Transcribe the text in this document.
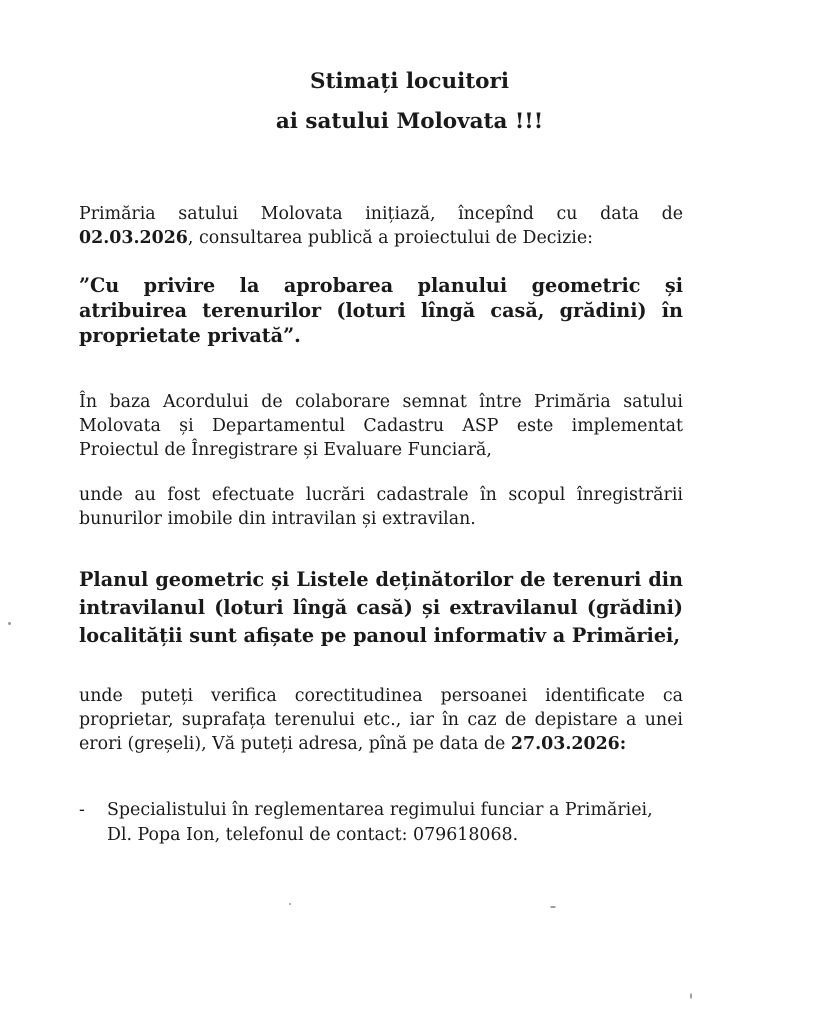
Stimați locuitori
ai satului Molovata !!!
Primăria satului Molovata inițiază, începînd cu data de 02.03.2026, consultarea publică a proiectului de Decizie:
”Cu privire la aprobarea planului geometric și atribuirea terenurilor (loturi lîngă casă, grădini) în proprietate privată”.
În baza Acordului de colaborare semnat între Primăria satului Molovata și Departamentul Cadastru ASP este implementat Proiectul de Înregistrare și Evaluare Funciară,
unde au fost efectuate lucrări cadastrale în scopul înregistrării bunurilor imobile din intravilan și extravilan.
Planul geometric și Listele deținătorilor de terenuri din intravilanul (loturi lîngă casă) și extravilanul (grădini) localității sunt afișate pe panoul informativ a Primăriei,
unde puteți verifica corectitudinea persoanei identificate ca proprietar, suprafața terenului etc., iar în caz de depistare a unei erori (greșeli), Vă puteți adresa, pînă pe data de 27.03.2026:
-	Specialistului în reglementarea regimului funciar a Primăriei,
Dl. Popa Ion, telefonul de contact: 079618068.
